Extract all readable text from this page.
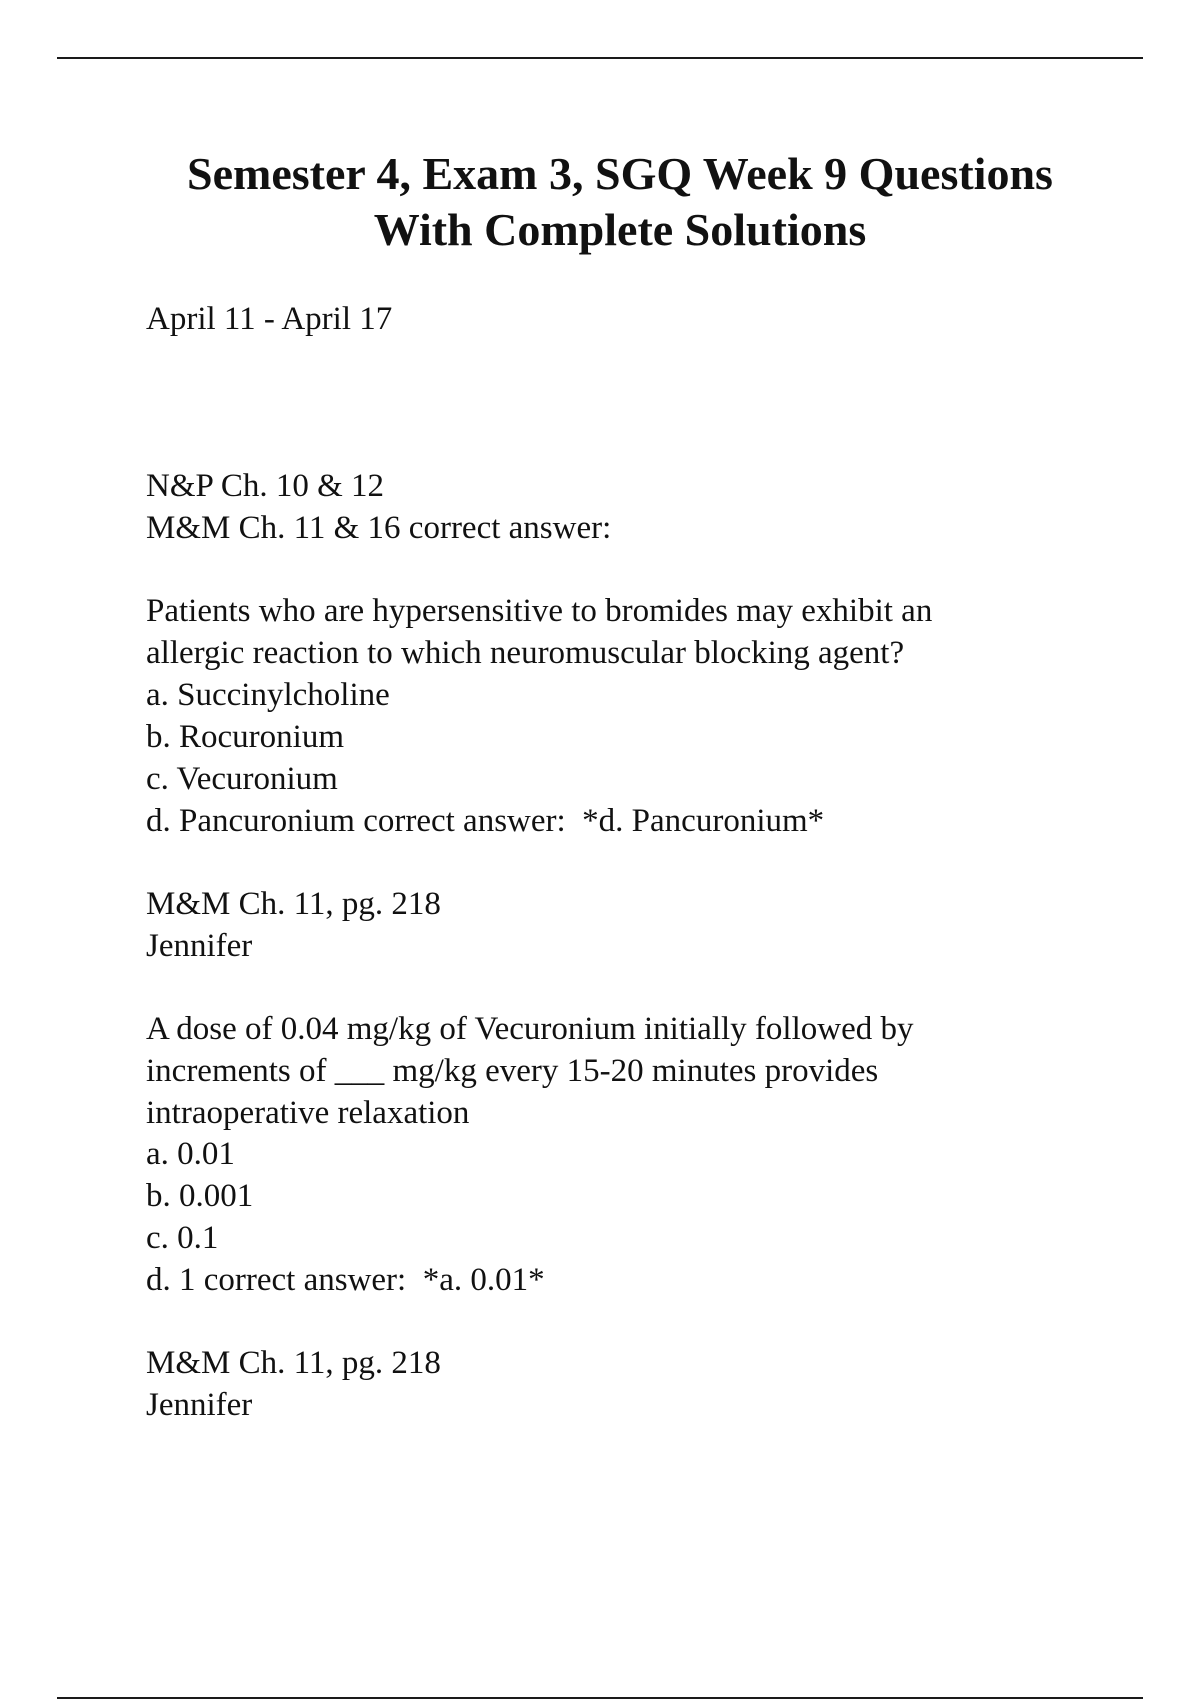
Semester 4, Exam 3, SGQ Week 9 Questions
With Complete Solutions
April 11 - April 17
N&P Ch. 10 & 12
M&M Ch. 11 & 16 correct answer:
Patients who are hypersensitive to bromides may exhibit an
allergic reaction to which neuromuscular blocking agent?
a. Succinylcholine
b. Rocuronium
c. Vecuronium
d. Pancuronium correct answer:  *d. Pancuronium*
M&M Ch. 11, pg. 218
Jennifer
A dose of 0.04 mg/kg of Vecuronium initially followed by
increments of ___ mg/kg every 15-20 minutes provides
intraoperative relaxation
a. 0.01
b. 0.001
c. 0.1
d. 1 correct answer:  *a. 0.01*
M&M Ch. 11, pg. 218
Jennifer
